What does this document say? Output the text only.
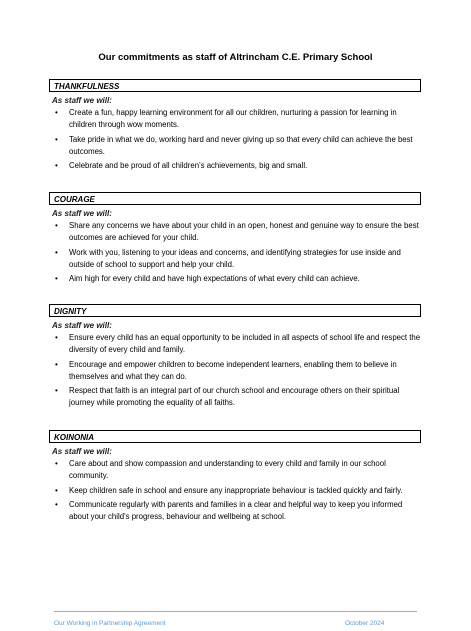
Our commitments as staff of Altrincham C.E. Primary School
THANKFULNESS
As staff we will:
• Create a fun, happy learning environment for all our children, nurturing a passion for learning in children through wow moments.
• Take pride in what we do, working hard and never giving up so that every child can achieve the best outcomes.
• Celebrate and be proud of all children’s achievements, big and small.
COURAGE
As staff we will:
• Share any concerns we have about your child in an open, honest and genuine way to ensure the best outcomes are achieved for your child.
• Work with you, listening to your ideas and concerns, and identifying strategies for use inside and outside of school to support and help your child.
• Aim high for every child and have high expectations of what every child can achieve.
DIGNITY
As staff we will:
• Ensure every child has an equal opportunity to be included in all aspects of school life and respect the diversity of every child and family.
• Encourage and empower children to become independent learners, enabling them to believe in themselves and what they can do.
• Respect that faith is an integral part of our church school and encourage others on their spiritual journey while promoting the equality of all faiths.
KOINONIA
As staff we will:
• Care about and show compassion and understanding to every child and family in our school community.
• Keep children safe in school and ensure any inappropriate behaviour is tackled quickly and fairly.
• Communicate regularly with parents and families in a clear and helpful way to keep you informed about your child’s progress, behaviour and wellbeing at school.
Our Working in Partnership Agreement	October 2024
